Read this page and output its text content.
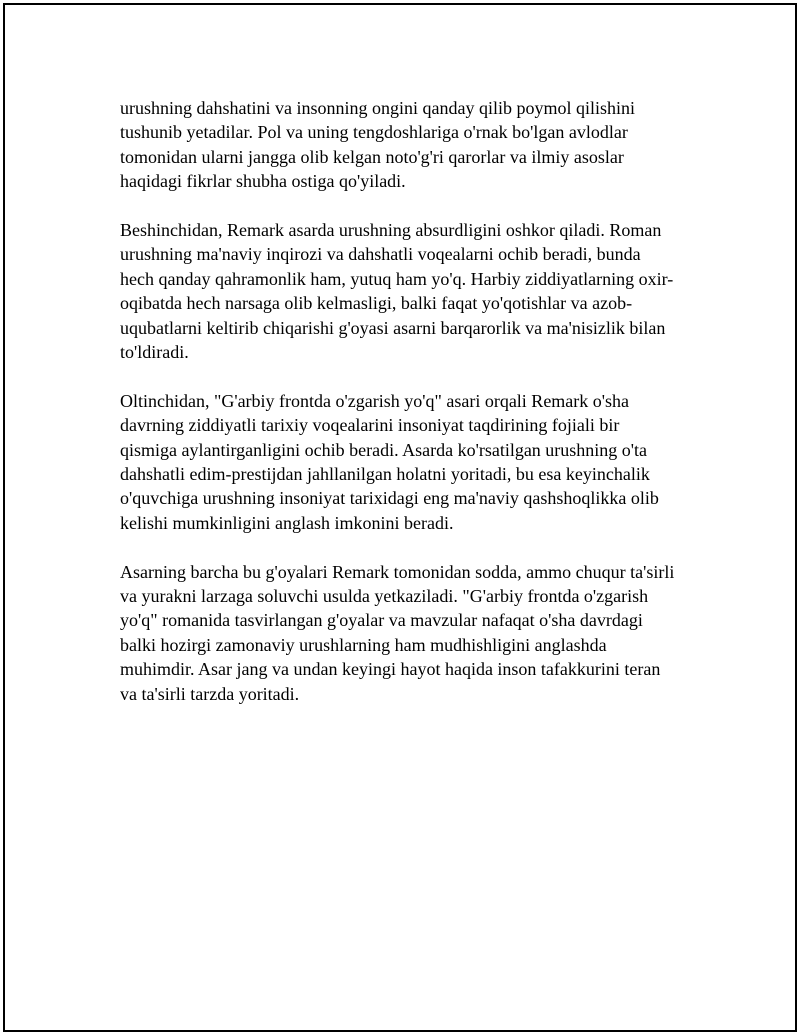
urushning dahshatini va insonning ongini qanday qilib poymol qilishini
tushunib yetadilar. Pol va uning tengdoshlariga o'rnak bo'lgan avlodlar
tomonidan ularni jangga olib kelgan noto'g'ri qarorlar va ilmiy asoslar
haqidagi fikrlar shubha ostiga qo'yiladi.

Beshinchidan, Remark asarda urushning absurdligini oshkor qiladi. Roman
urushning ma'naviy inqirozi va dahshatli voqealarni ochib beradi, bunda
hech qanday qahramonlik ham, yutuq ham yo'q. Harbiy ziddiyatlarning oxir-
oqibatda hech narsaga olib kelmasligi, balki faqat yo'qotishlar va azob-
uqubatlarni keltirib chiqarishi g'oyasi asarni barqarorlik va ma'nisizlik bilan
to'ldiradi.

Oltinchidan, "G'arbiy frontda o'zgarish yo'q" asari orqali Remark o'sha
davrning ziddiyatli tarixiy voqealarini insoniyat taqdirining fojiali bir
qismiga aylantirganligini ochib beradi. Asarda ko'rsatilgan urushning o'ta
dahshatli edim-prestijdan jahllanilgan holatni yoritadi, bu esa keyinchalik
o'quvchiga urushning insoniyat tarixidagi eng ma'naviy qashshoqlikka olib
kelishi mumkinligini anglash imkonini beradi.

Asarning barcha bu g'oyalari Remark tomonidan sodda, ammo chuqur ta'sirli
va yurakni larzaga soluvchi usulda yetkaziladi. "G'arbiy frontda o'zgarish
yo'q" romanida tasvirlangan g'oyalar va mavzular nafaqat o'sha davrdagi
balki hozirgi zamonaviy urushlarning ham mudhishligini anglashda
muhimdir. Asar jang va undan keyingi hayot haqida inson tafakkurini teran
va ta'sirli tarzda yoritadi.
